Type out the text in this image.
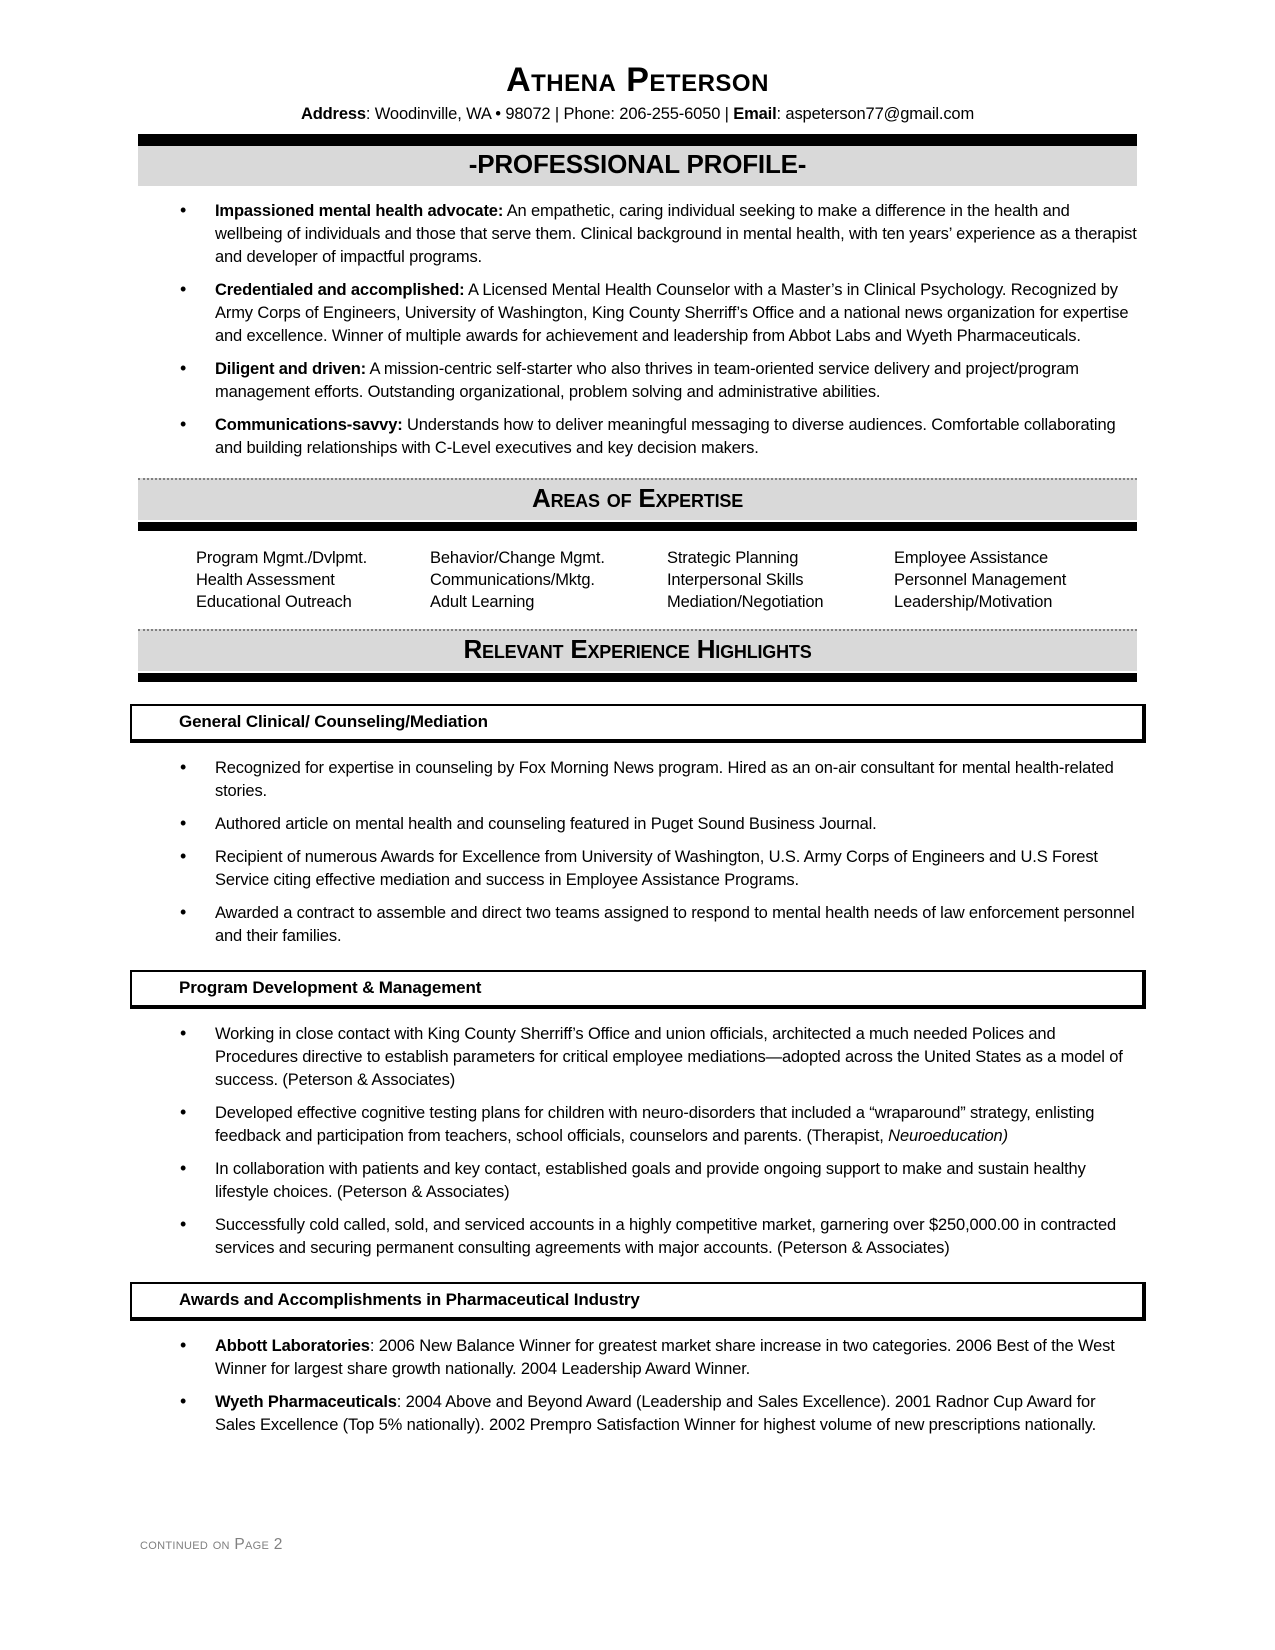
Athena Peterson

Address: Woodinville, WA • 98072 | Phone: 206-255-6050 | Email: aspeterson77@gmail.com

-PROFESSIONAL PROFILE-
• Impassioned mental health advocate: An empathetic, caring individual seeking to make a difference in the health and wellbeing of individuals and those that serve them. Clinical background in mental health, with ten years’ experience as a therapist and developer of impactful programs.
• Credentialed and accomplished: A Licensed Mental Health Counselor with a Master’s in Clinical Psychology. Recognized by Army Corps of Engineers, University of Washington, King County Sherriff’s Office and a national news organization for expertise and excellence. Winner of multiple awards for achievement and leadership from Abbot Labs and Wyeth Pharmaceuticals.
• Diligent and driven: A mission-centric self-starter who also thrives in team-oriented service delivery and project/program management efforts. Outstanding organizational, problem solving and administrative abilities.
• Communications-savvy: Understands how to deliver meaningful messaging to diverse audiences. Comfortable collaborating and building relationships with C-Level executives and key decision makers.
Areas of Expertise
Program Mgmt./Dvlpmt.
Health Assessment
Educational Outreach
Behavior/Change Mgmt.
Communications/Mktg.
Adult Learning
Strategic Planning
Interpersonal Skills
Mediation/Negotiation
Employee Assistance
Personnel Management
Leadership/Motivation
Relevant Experience Highlights
General Clinical/ Counseling/Mediation
• Recognized for expertise in counseling by Fox Morning News program. Hired as an on-air consultant for mental health-related stories.
• Authored article on mental health and counseling featured in Puget Sound Business Journal.
• Recipient of numerous Awards for Excellence from University of Washington, U.S. Army Corps of Engineers and U.S Forest Service citing effective mediation and success in Employee Assistance Programs.
• Awarded a contract to assemble and direct two teams assigned to respond to mental health needs of law enforcement personnel and their families.
Program Development & Management
• Working in close contact with King County Sherriff’s Office and union officials, architected a much needed Polices and Procedures directive to establish parameters for critical employee mediations—adopted across the United States as a model of success. (Peterson & Associates)
• Developed effective cognitive testing plans for children with neuro-disorders that included a “wraparound” strategy, enlisting feedback and participation from teachers, school officials, counselors and parents. (Therapist, Neuroeducation)
• In collaboration with patients and key contact, established goals and provide ongoing support to make and sustain healthy lifestyle choices. (Peterson & Associates)
• Successfully cold called, sold, and serviced accounts in a highly competitive market, garnering over $250,000.00 in contracted services and securing permanent consulting agreements with major accounts. (Peterson & Associates)
Awards and Accomplishments in Pharmaceutical Industry
• Abbott Laboratories: 2006 New Balance Winner for greatest market share increase in two categories. 2006 Best of the West Winner for largest share growth nationally. 2004 Leadership Award Winner.
• Wyeth Pharmaceuticals: 2004 Above and Beyond Award (Leadership and Sales Excellence). 2001 Radnor Cup Award for Sales Excellence (Top 5% nationally). 2002 Prempro Satisfaction Winner for highest volume of new prescriptions nationally.
continued on Page 2
